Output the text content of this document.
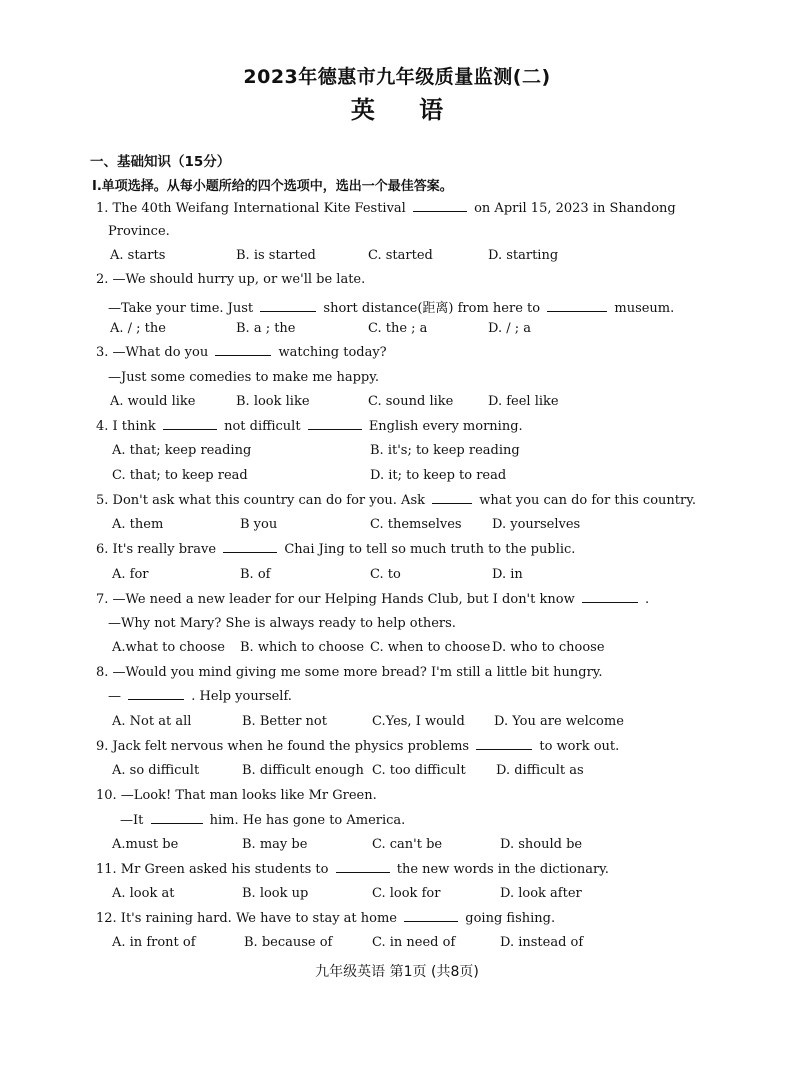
2023年德惠市九年级质量监测(二)
英 语
一、基础知识（15分）
Ⅰ.单项选择。从每小题所给的四个选项中，选出一个最佳答案。
1. The 40th Weifang International Kite Festival	on April 15, 2023 in Shandong
Province.
A. starts	B. is started	C. started	D. starting
2. —We should hurry up, or we'll be late.
—Take your time. Just	short distance(距离) from here to	museum.
A. / ; the	B. a ; the	C. the ; a	D. / ; a
3. —What do you	watching today?
—Just some comedies to make me happy.
A. would like	B. look like	C. sound like	D. feel like
4. I think	not difficult	English every morning.
A. that; keep reading	B. it's; to keep reading
C. that; to keep read	D. it; to keep to read
5. Don't ask what this country can do for you. Ask	what you can do for this country.
A. them	B you	C. themselves D. yourselves
6. It's really brave	Chai Jing to tell so much truth to the public.
A. for	B. of	C. to	D. in
7. —We need a new leader for our Helping Hands Club, but I don't know	.
—Why not Mary? She is always ready to help others.
A.what to choose B. which to choose C. when to choose D. who to choose
8. —Would you mind giving me some more bread? I'm still a little bit hungry.
—	. Help yourself.
A. Not at all	B. Better not	C.Yes, I would D. You are welcome
9. Jack felt nervous when he found the physics problems	to work out.
A. so difficult	B. difficult enough C. too difficult D. difficult as
10. —Look! That man looks like Mr Green.
—It	him. He has gone to America.
A.must be	B. may be	C. can't be	D. should be
11. Mr Green asked his students to	the new words in the dictionary.
A. look at	B. look up	C. look for	D. look after
12. It's raining hard. We have to stay at home	going fishing.
A. in front of	B. because of	C. in need of	D. instead of
九年级英语 第1页 (共8页)
